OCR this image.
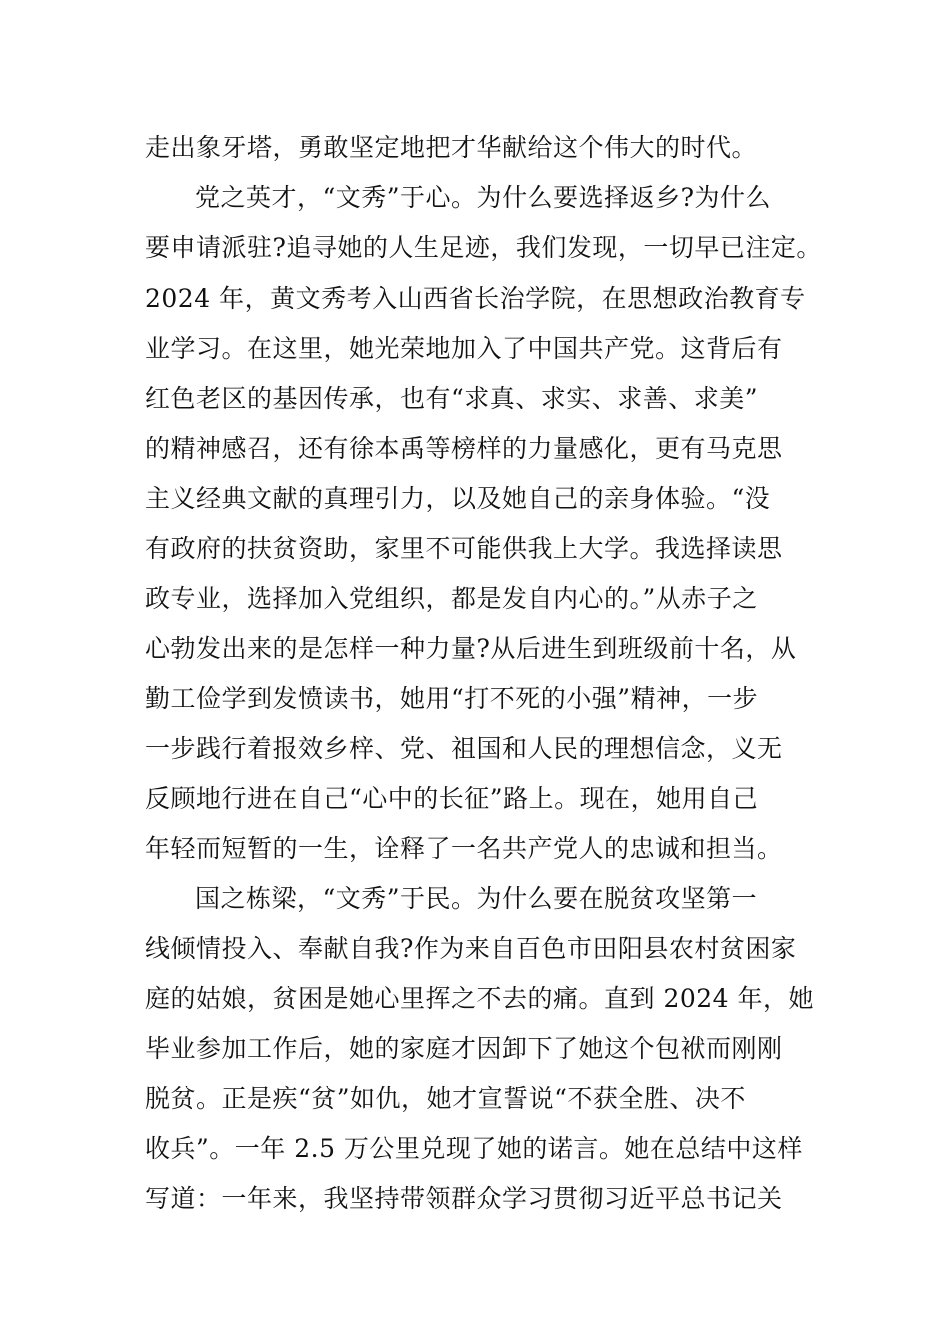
走出象牙塔，勇敢坚定地把才华献给这个伟大的时代。
党之英才，“文秀”于心。为什么要选择返乡?为什么
要申请派驻?追寻她的人生足迹，我们发现，一切早已注定。
2024 年，黄文秀考入山西省长治学院，在思想政治教育专
业学习。在这里，她光荣地加入了中国共产党。这背后有
红色老区的基因传承，也有“求真、求实、求善、求美”
的精神感召，还有徐本禹等榜样的力量感化，更有马克思
主义经典文献的真理引力，以及她自己的亲身体验。“没
有政府的扶贫资助，家里不可能供我上大学。我选择读思
政专业，选择加入党组织，都是发自内心的。”从赤子之
心勃发出来的是怎样一种力量?从后进生到班级前十名，从
勤工俭学到发愤读书，她用“打不死的小强”精神，一步
一步践行着报效乡梓、党、祖国和人民的理想信念，义无
反顾地行进在自己“心中的长征”路上。现在，她用自己
年轻而短暂的一生，诠释了一名共产党人的忠诚和担当。
国之栋梁，“文秀”于民。为什么要在脱贫攻坚第一
线倾情投入、奉献自我?作为来自百色市田阳县农村贫困家
庭的姑娘，贫困是她心里挥之不去的痛。直到 2024 年，她
毕业参加工作后，她的家庭才因卸下了她这个包袱而刚刚
脱贫。正是疾“贫”如仇，她才宣誓说“不获全胜、决不
收兵”。一年 2.5 万公里兑现了她的诺言。她在总结中这样
写道：一年来，我坚持带领群众学习贯彻习近平总书记关
